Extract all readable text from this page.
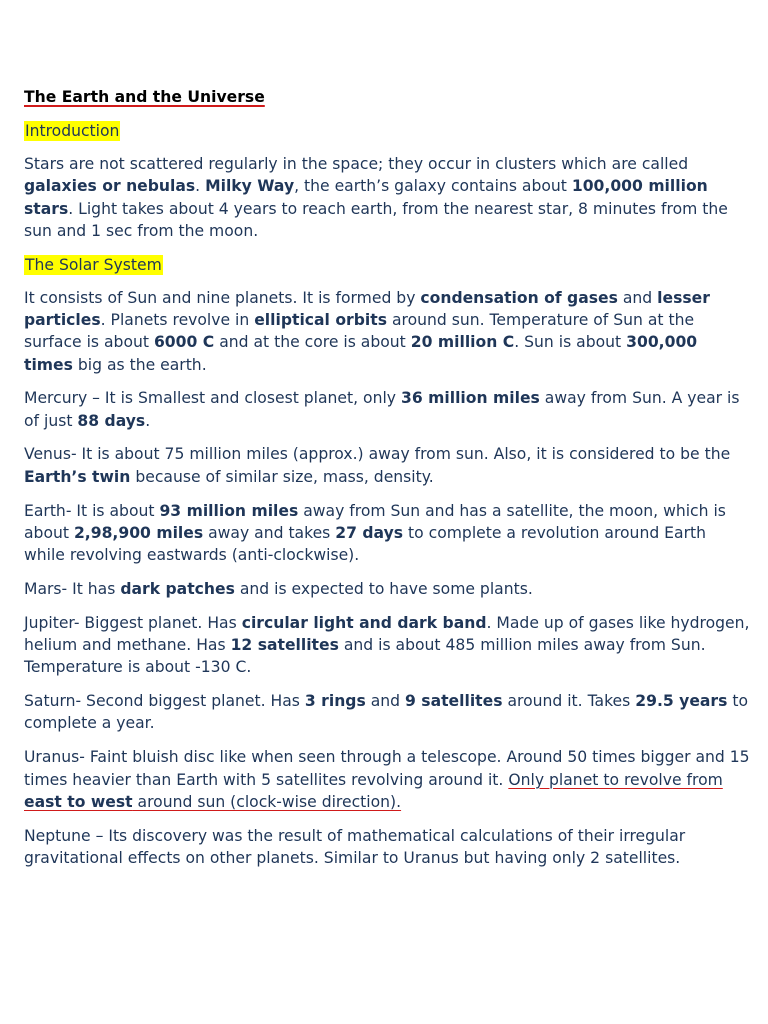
The Earth and the Universe
Introduction

Stars are not scattered regularly in the space; they occur in clusters which are called galaxies or nebulas. Milky Way, the earth’s galaxy contains about 100,000 million stars. Light takes about 4 years to reach earth, from the nearest star, 8 minutes from the sun and 1 sec from the moon.

The Solar System

It consists of Sun and nine planets. It is formed by condensation of gases and lesser particles. Planets revolve in elliptical orbits around sun. Temperature of Sun at the surface is about 6000 C and at the core is about 20 million C. Sun is about 300,000 times big as the earth.

Mercury – It is Smallest and closest planet, only 36 million miles away from Sun. A year is of just 88 days.

Venus- It is about 75 million miles (approx.) away from sun. Also, it is considered to be the Earth’s twin because of similar size, mass, density.

Earth- It is about 93 million miles away from Sun and has a satellite, the moon, which is about 2,98,900 miles away and takes 27 days to complete a revolution around Earth while revolving eastwards (anti-clockwise).

Mars- It has dark patches and is expected to have some plants.

Jupiter- Biggest planet. Has circular light and dark band. Made up of gases like hydrogen, helium and methane. Has 12 satellites and is about 485 million miles away from Sun. Temperature is about -130 C.

Saturn- Second biggest planet. Has 3 rings and 9 satellites around it. Takes 29.5 years to complete a year.

Uranus- Faint bluish disc like when seen through a telescope. Around 50 times bigger and 15 times heavier than Earth with 5 satellites revolving around it. Only planet to revolve from east to west around sun (clock-wise direction).

Neptune – Its discovery was the result of mathematical calculations of their irregular gravitational effects on other planets. Similar to Uranus but having only 2 satellites.
